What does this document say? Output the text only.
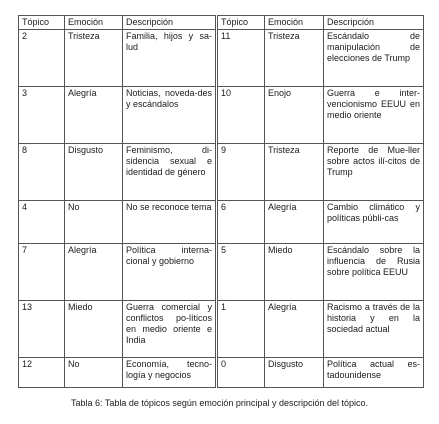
Tópico	Emoción	Descripción	Tópico	Emoción	Descripción
2	Tristeza	Familia, hijos y sa-lud	11	Tristeza	Escándalo de manipulación de elecciones de Trump
3	Alegría	Noticias, noveda-des y escándalos	10	Enojo	Guerra e inter-vencionismo EEUU en medio oriente
8	Disgusto	Feminismo, di-sidencia sexual e identidad de género	9	Tristeza	Reporte de Mue-ller sobre actos ilí-citos de Trump
4	No	No se reconoce tema	6	Alegría	Cambio climático y políticas públi-cas
7	Alegría	Política interna-cional y gobierno	5	Miedo	Escándalo sobre la influencia de Rusia sobre política EEUU
13	Miedo	Guerra comercial y conflictos po-líticos en medio oriente e India	1	Alegría	Racismo a través de la historia y en la sociedad actual
12	No	Economía, tecno-logía y negocios	0	Disgusto	Política actual es-tadounidense
Tabla 6: Tabla de tópicos según emoción principal y descripción del tópico.
